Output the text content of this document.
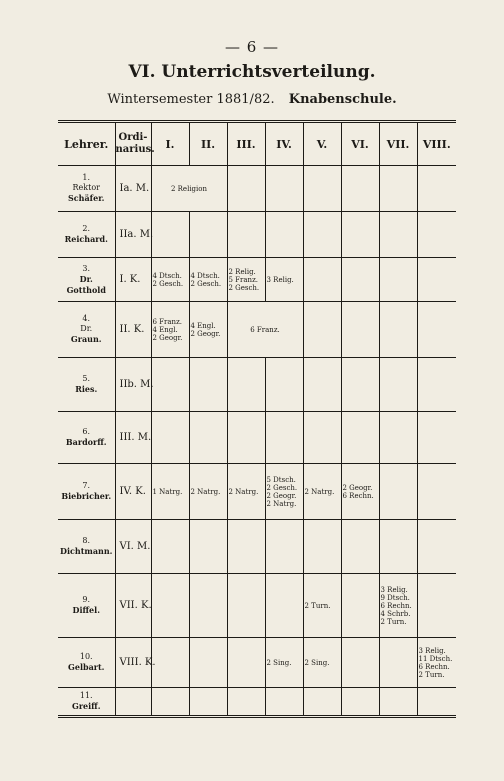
— 6 —
VI. Unterrichtsverteilung.
Wintersemester 1881/82. Knabenschule.
Lehrer.	Ordi-
narius.	I.	II.	III.	IV.	V.	VI.	VII.	VIII.

1.
Rektor
Schäfer.	Ia. M.	2 Religion							

2.
Reichard.	IIa. M.								

3.
Dr. Gotthold	I. K.	4 Dtsch.
2 Gesch.	4 Dtsch.
2 Gesch.	2 Relig.
5 Franz.
2 Gesch.	3 Relig.				

4.
Dr.
Graun.	II. K.	6 Franz.
4 Engl.
2 Geogr.	4 Engl.
2 Geogr.	6 Franz.					

5.
Ries.	IIb. M.								

6.
Bardorff.	III. M.								

7.
Biebricher.	IV. K.	1 Natrg.	2 Natrg.	2 Natrg.	5 Dtsch.
2 Gesch.
2 Geogr.
2 Natrg.	2 Natrg.	2 Geogr.
6 Rechn.		

8.
Dichtmann.	VI. M.								

9.
Diffel.	VII. K.					2 Turn.		3 Relig.
9 Dtsch.
6 Rechn.
4 Schrb.
2 Turn.	

10.
Gelbart.	VIII. K.				2 Sing.	2 Sing.			3 Relig.
11 Dtsch.
6 Rechn.
2 Turn.

11.
Greiff.									
